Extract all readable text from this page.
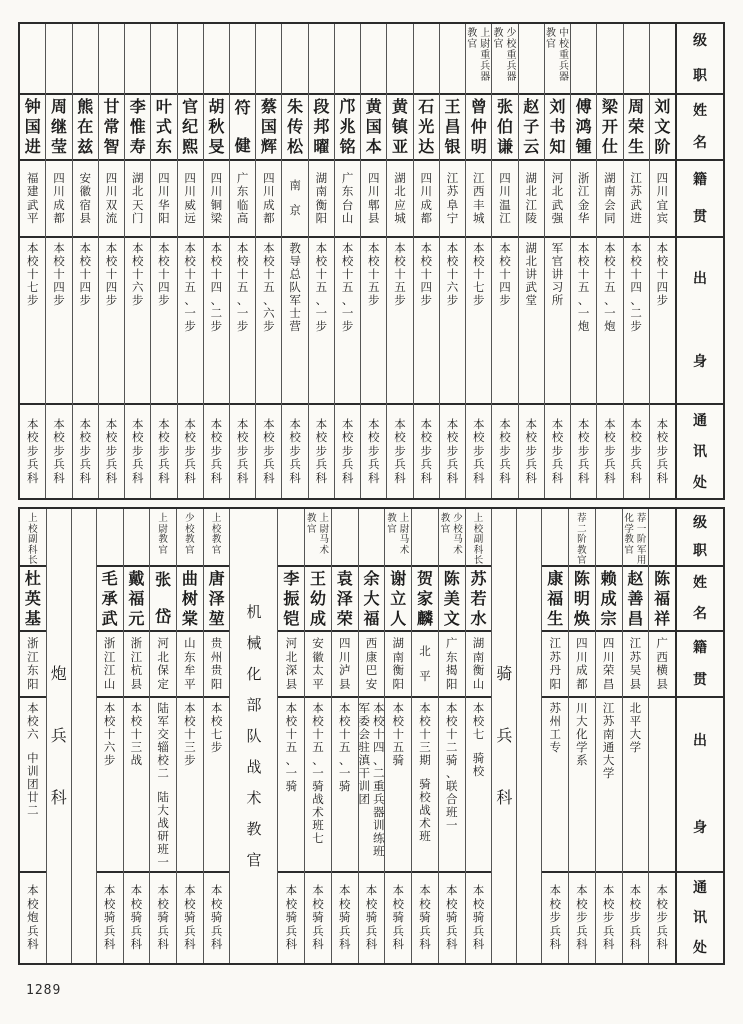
级
职
姓
名
籍
贯
出
身
通
讯
处
刘
文
阶
四
川
宜
宾
本
校
十
四
步
本
校
步
兵
科
周
荣
生
江
苏
武
进
本
校
十
四
、
二
步
本
校
步
兵
科
梁
开
仕
湖
南
会
同
本
校
十
五
、
一
炮
本
校
步
兵
科
傅
鸿
锺
浙
江
金
华
本
校
十
五
、
一
炮
本
校
步
兵
科
中
校
重
兵
器
教
官
刘
书
知
河
北
武
强
军
官
讲
习
所
本
校
步
兵
科
赵
子
云
湖
北
江
陵
湖
北
讲
武
堂
本
校
步
兵
科
少
校
重
兵
器
教
官
张
伯
谦
四
川
温
江
本
校
十
四
步
本
校
步
兵
科
上
尉
重
兵
器
教
官
曾
仲
明
江
西
丰
城
本
校
十
七
步
本
校
步
兵
科
王
昌
银
江
苏
阜
宁
本
校
十
六
步
本
校
步
兵
科
石
光
达
四
川
成
都
本
校
十
四
步
本
校
步
兵
科
黄
镇
亚
湖
北
应
城
本
校
十
五
步
本
校
步
兵
科
黄
国
本
四
川
郫
县
本
校
十
五
步
本
校
步
兵
科
邝
兆
铭
广
东
台
山
本
校
十
五
、
一
步
本
校
步
兵
科
段
邦
曜
湖
南
衡
阳
本
校
十
五
、
一
步
本
校
步
兵
科
朱
传
松
南
京
教
导
总
队
军
士
营
本
校
步
兵
科
蔡
国
辉
四
川
成
都
本
校
十
五
、
六
步
本
校
步
兵
科
符
健
广
东
临
高
本
校
十
五
、
一
步
本
校
步
兵
科
胡
秋
旻
四
川
铜
梁
本
校
十
四
、
二
步
本
校
步
兵
科
官
纪
熙
四
川
威
远
本
校
十
五
、
一
步
本
校
步
兵
科
叶
式
东
四
川
华
阳
本
校
十
四
步
本
校
步
兵
科
李
惟
寿
湖
北
天
门
本
校
十
六
步
本
校
步
兵
科
甘
常
智
四
川
双
流
本
校
十
四
步
本
校
步
兵
科
熊
在
兹
安
徽
宿
县
本
校
十
四
步
本
校
步
兵
科
周
继
莹
四
川
成
都
本
校
十
四
步
本
校
步
兵
科
钟
国
进
福
建
武
平
本
校
十
七
步
本
校
步
兵
科
级
职
姓
名
籍
贯
出
身
通
讯
处
陈
福
祥
广
西
横
县
本
校
步
兵
科
荐
一
阶
军
用
化
学
教
官
赵
善
昌
江
苏
吴
县
北
平
大
学
本
校
步
兵
科
赖
成
宗
四
川
荣
昌
江
苏
南
通
大
学
本
校
步
兵
科
荐
二
阶
教
官
陈
明
焕
四
川
成
都
川
大
化
学
系
本
校
步
兵
科
康
福
生
江
苏
丹
阳
苏
州
工
专
本
校
步
兵
科
骑
兵
科
上
校
副
科
长
苏
若
水
湖
南
衡
山
本
校
七
骑
校
本
校
骑
兵
科
少
校
马
术
教
官
陈
美
文
广
东
揭
阳
本
校
十
二
骑
、
联
合
班
一
本
校
骑
兵
科
贺
家
麟
北
平
本
校
十
三
期
骑
校
战
术
班
本
校
骑
兵
科
上
尉
马
术
教
官
谢
立
人
湖
南
衡
阳
本
校
十
五
骑
本
校
骑
兵
科
余
大
福
西
康
巴
安
本
校
十
四
、
二
重
兵
器
训
练
班
军
委
会
驻
滇
干
训
团
本
校
骑
兵
科
袁
泽
荣
四
川
泸
县
本
校
十
五
、
一
骑
本
校
骑
兵
科
上
尉
马
术
教
官
王
幼
成
安
徽
太
平
本
校
十
五
、
一
骑
战
术
班
七
本
校
骑
兵
科
李
振
铠
河
北
深
县
本
校
十
五
、
一
骑
本
校
骑
兵
科
机
械
化
部
队
战
术
教
官
上
校
教
官
唐
泽
堃
贵
州
贵
阳
本
校
七
步
本
校
骑
兵
科
少
校
教
官
曲
树
棠
山
东
牟
平
本
校
十
三
步
本
校
骑
兵
科
上
尉
教
官
张
岱
河
北
保
定
陆
军
交
辎
校
二
陆
大
战
研
班
一
本
校
骑
兵
科
戴
福
元
浙
江
杭
县
本
校
十
三
战
本
校
骑
兵
科
毛
承
武
浙
江
江
山
本
校
十
六
步
本
校
骑
兵
科
炮
兵
科
上
校
副
科
长
杜
英
基
浙
江
东
阳
本
校
六
中
训
团
廿
二
本
校
炮
兵
科
1289
